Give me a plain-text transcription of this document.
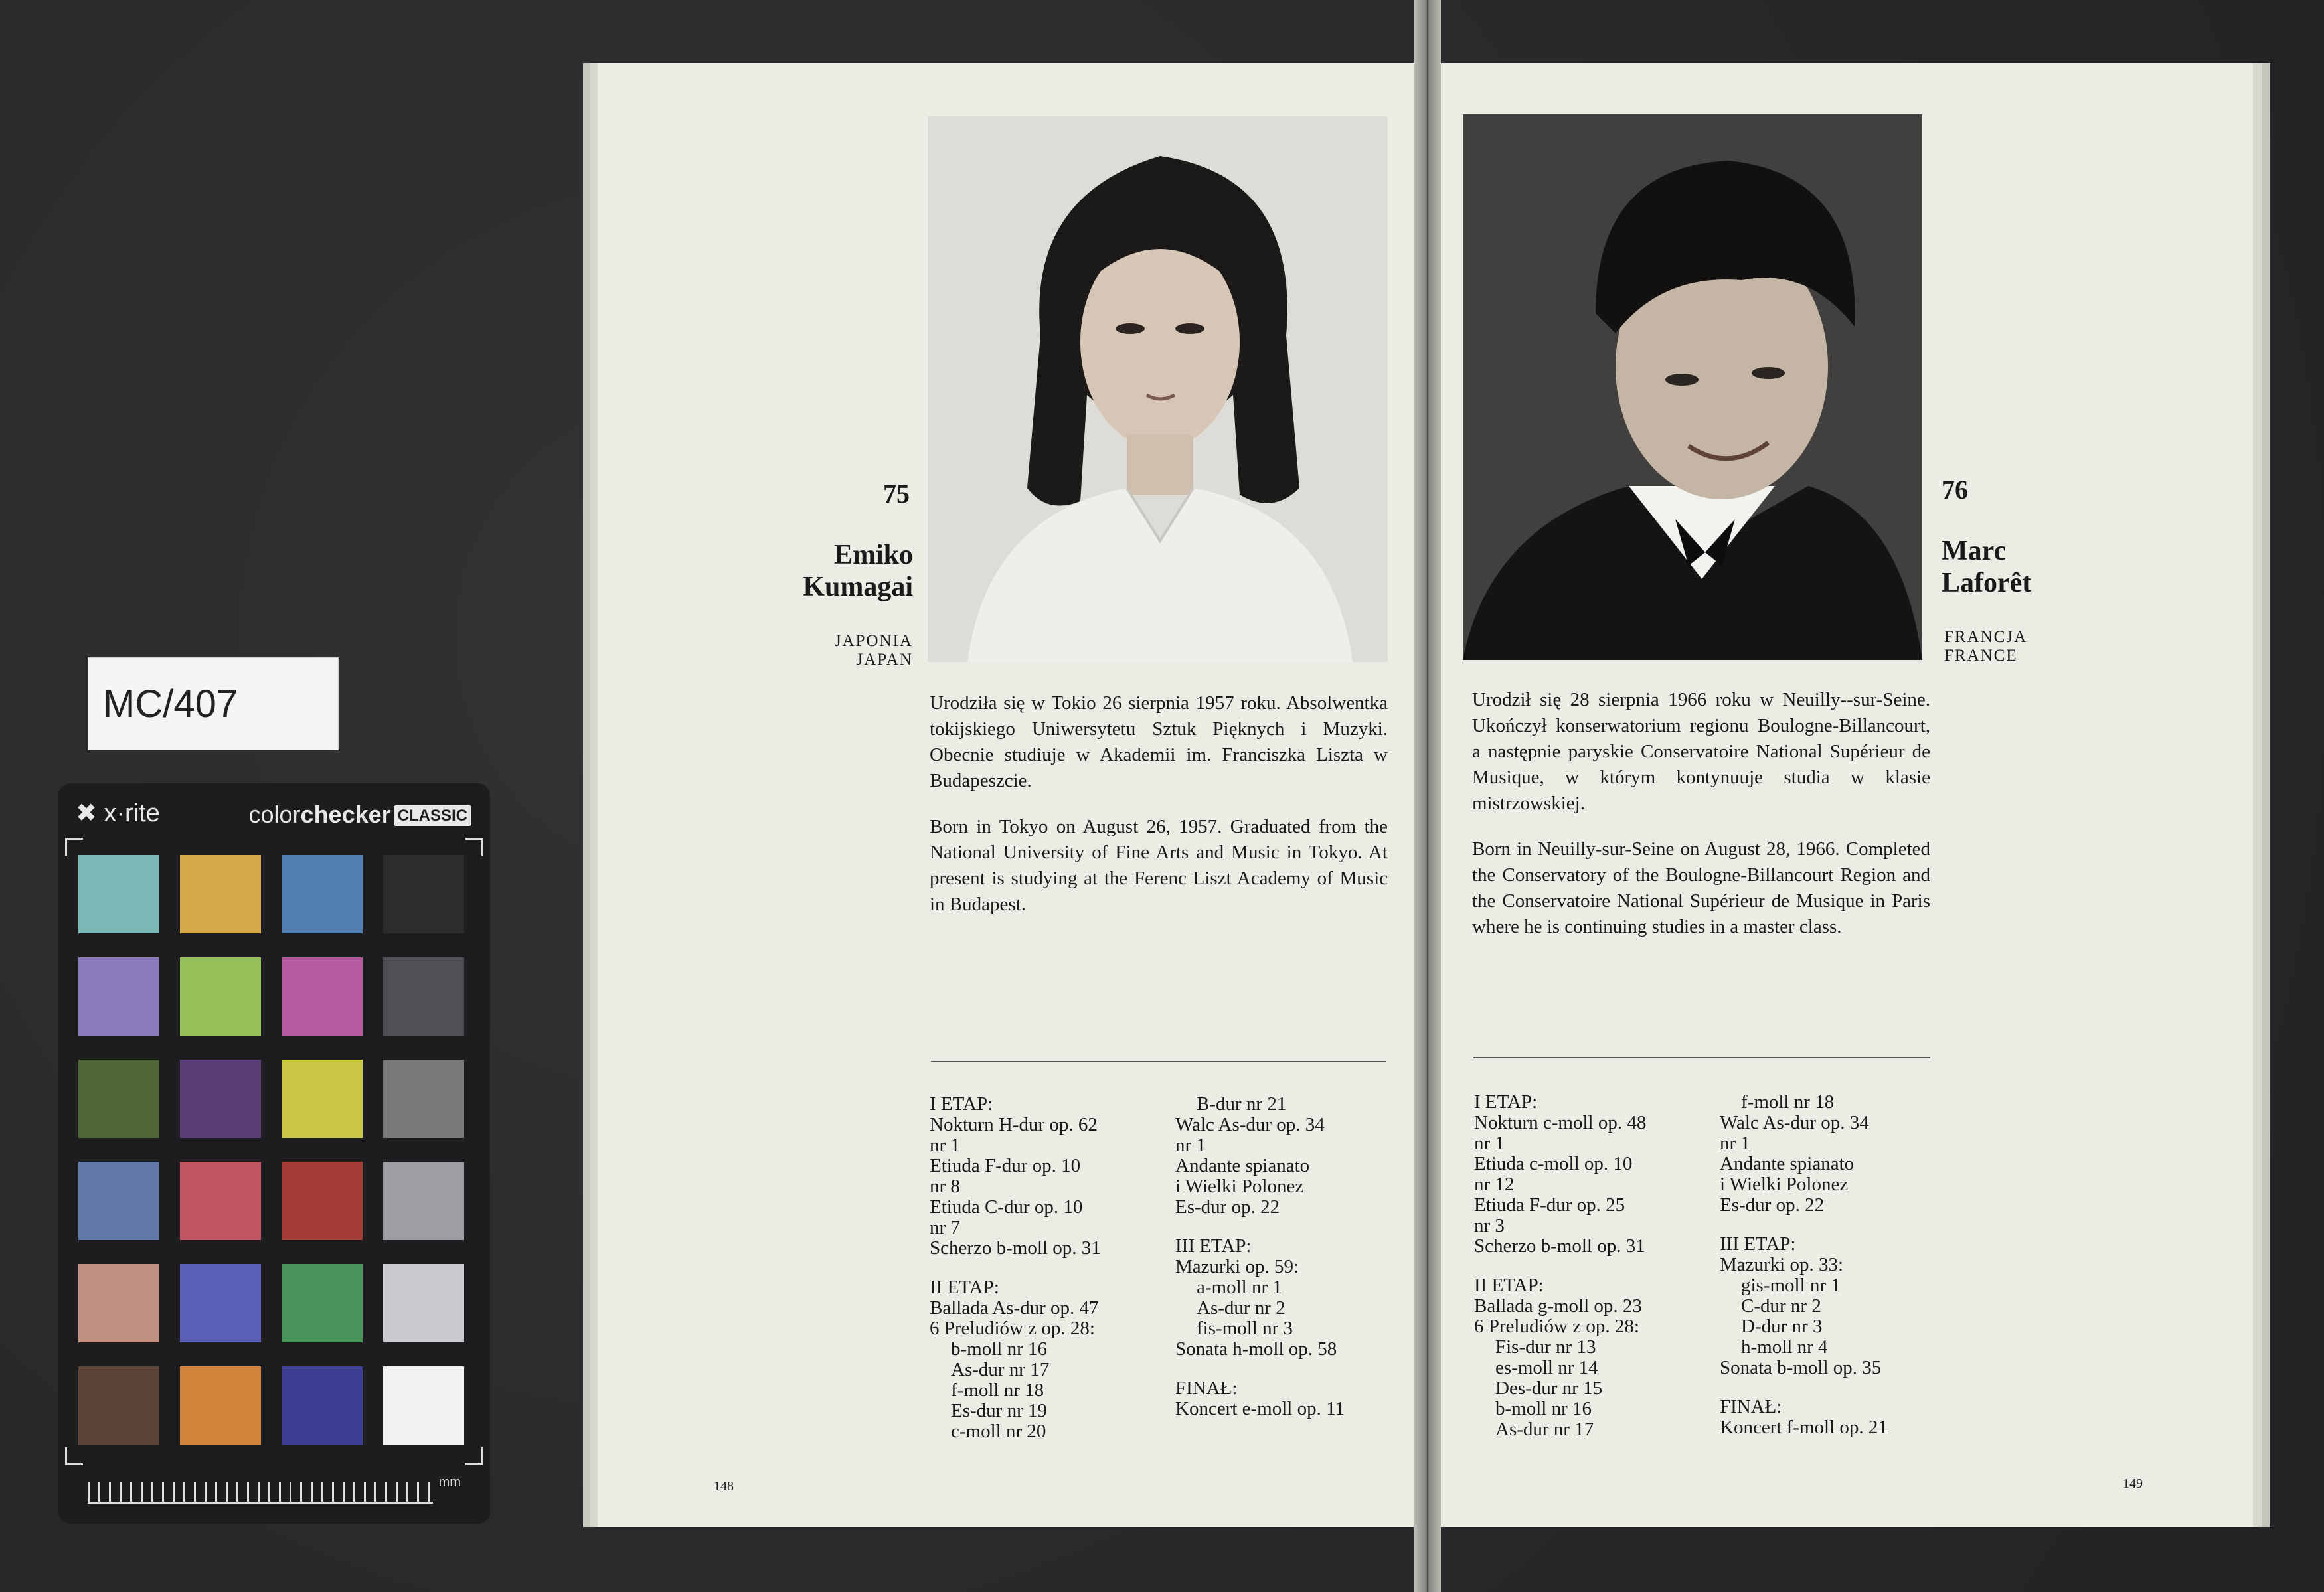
MC/407
✖ x·rite	colorchecker CLASSIC
mm
75
Emiko
Kumagai
JAPONIA
JAPAN

Urodziła się w Tokio 26 sierpnia 1957 roku. Absolwentka tokijskiego Uniwersytetu Sztuk Pięknych i Muzyki. Obecnie studiuje w Akademii im. Franciszka Liszta w Budapeszcie.

Born in Tokyo on August 26, 1957. Graduated from the National University of Fine Arts and Music in Tokyo. At present is studying at the Ferenc Liszt Academy of Music in Budapest.

I ETAP:
Nokturn H-dur op. 62
nr 1
Etiuda F-dur op. 10
nr 8
Etiuda C-dur op. 10
nr 7
Scherzo b-moll op. 31
II ETAP:
Ballada As-dur op. 47
6 Preludiów z op. 28:
b-moll nr 16
As-dur nr 17
f-moll nr 18
Es-dur nr 19
c-moll nr 20
B-dur nr 21
Walc As-dur op. 34
nr 1
Andante spianato
i Wielki Polonez
Es-dur op. 22
III ETAP:
Mazurki op. 59:
a-moll nr 1
As-dur nr 2
fis-moll nr 3
Sonata h-moll op. 58
FINAŁ:
Koncert e-moll op. 11
148
76
Marc
Laforêt
FRANCJA
FRANCE

Urodził się 28 sierpnia 1966 roku w Neuilly--sur-Seine. Ukończył konserwatorium regionu Boulogne-Billancourt, a następnie paryskie Conservatoire National Supérieur de Musique, w którym kontynuuje studia w klasie mistrzowskiej.

Born in Neuilly-sur-Seine on August 28, 1966. Completed the Conservatory of the Boulogne-Billancourt Region and the Conservatoire National Supérieur de Musique in Paris where he is continuing studies in a master class.

I ETAP:
Nokturn c-moll op. 48
nr 1
Etiuda c-moll op. 10
nr 12
Etiuda F-dur op. 25
nr 3
Scherzo b-moll op. 31
II ETAP:
Ballada g-moll op. 23
6 Preludiów z op. 28:
Fis-dur nr 13
es-moll nr 14
Des-dur nr 15
b-moll nr 16
As-dur nr 17
f-moll nr 18
Walc As-dur op. 34
nr 1
Andante spianato
i Wielki Polonez
Es-dur op. 22
III ETAP:
Mazurki op. 33:
gis-moll nr 1
C-dur nr 2
D-dur nr 3
h-moll nr 4
Sonata b-moll op. 35
FINAŁ:
Koncert f-moll op. 21
149
